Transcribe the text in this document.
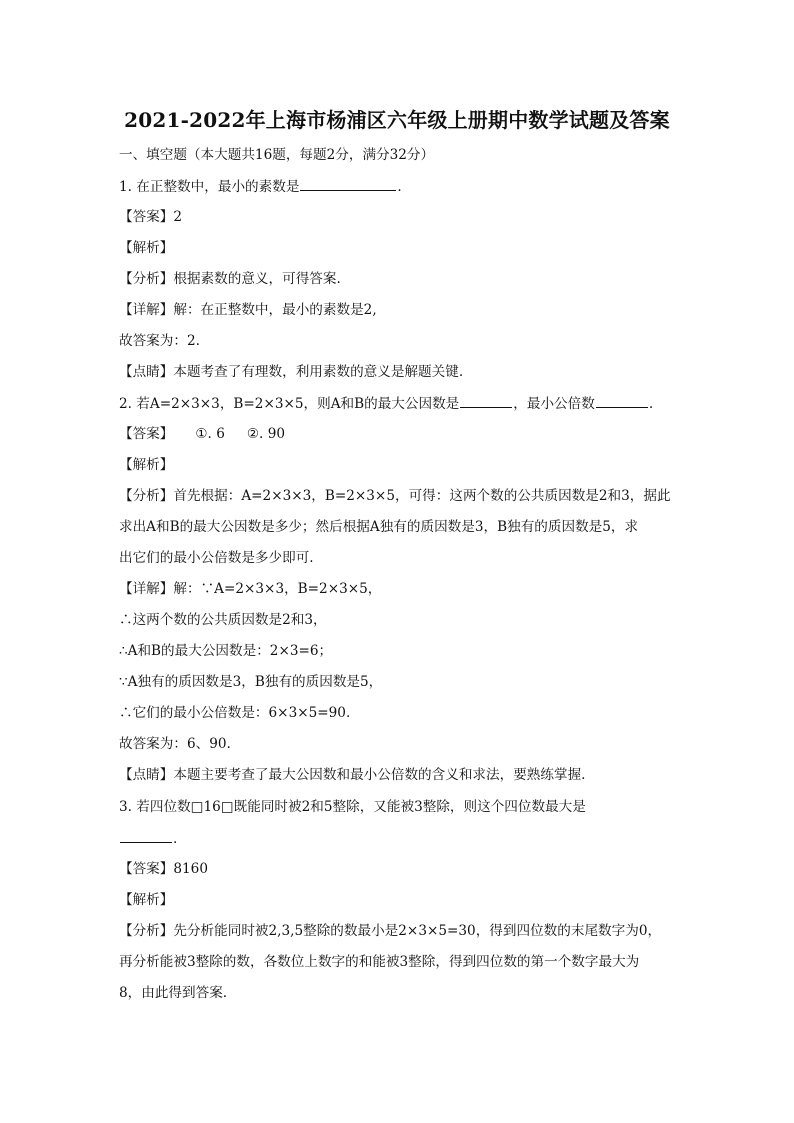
2021-2022年上海市杨浦区六年级上册期中数学试题及答案
一、填空题（本大题共16题，每题2分，满分32分）
1. 在正整数中，最小的素数是	.
【答案】2
【解析】
【分析】根据素数的意义，可得答案.
【详解】解：在正整数中，最小的素数是2,
故答案为：2.
【点睛】本题考查了有理数，利用素数的意义是解题关键.
2. 若A=2×3×3，B=2×3×5，则A和B的最大公因数是	，最小公倍数	.
【答案】 ①. 6 ②. 90
【解析】
【分析】首先根据：A=2×3×3，B=2×3×5，可得：这两个数的公共质因数是2和3，据此
求出A和B的最大公因数是多少；然后根据A独有的质因数是3，B独有的质因数是5，求
出它们的最小公倍数是多少即可.
【详解】解：∵A=2×3×3，B=2×3×5，
∴这两个数的公共质因数是2和3，
∴A和B的最大公因数是：2×3=6；
∵A独有的质因数是3，B独有的质因数是5，
∴它们的最小公倍数是：6×3×5=90.
故答案为：6、90.
【点睛】本题主要考查了最大公因数和最小公倍数的含义和求法，要熟练掌握.
3. 若四位数□16□既能同时被2和5整除，又能被3整除，则这个四位数最大是
.
【答案】8160
【解析】
【分析】先分析能同时被2,3,5整除的数最小是2×3×5=30，得到四位数的末尾数字为0，
再分析能被3整除的数，各数位上数字的和能被3整除，得到四位数的第一个数字最大为
8，由此得到答案.
